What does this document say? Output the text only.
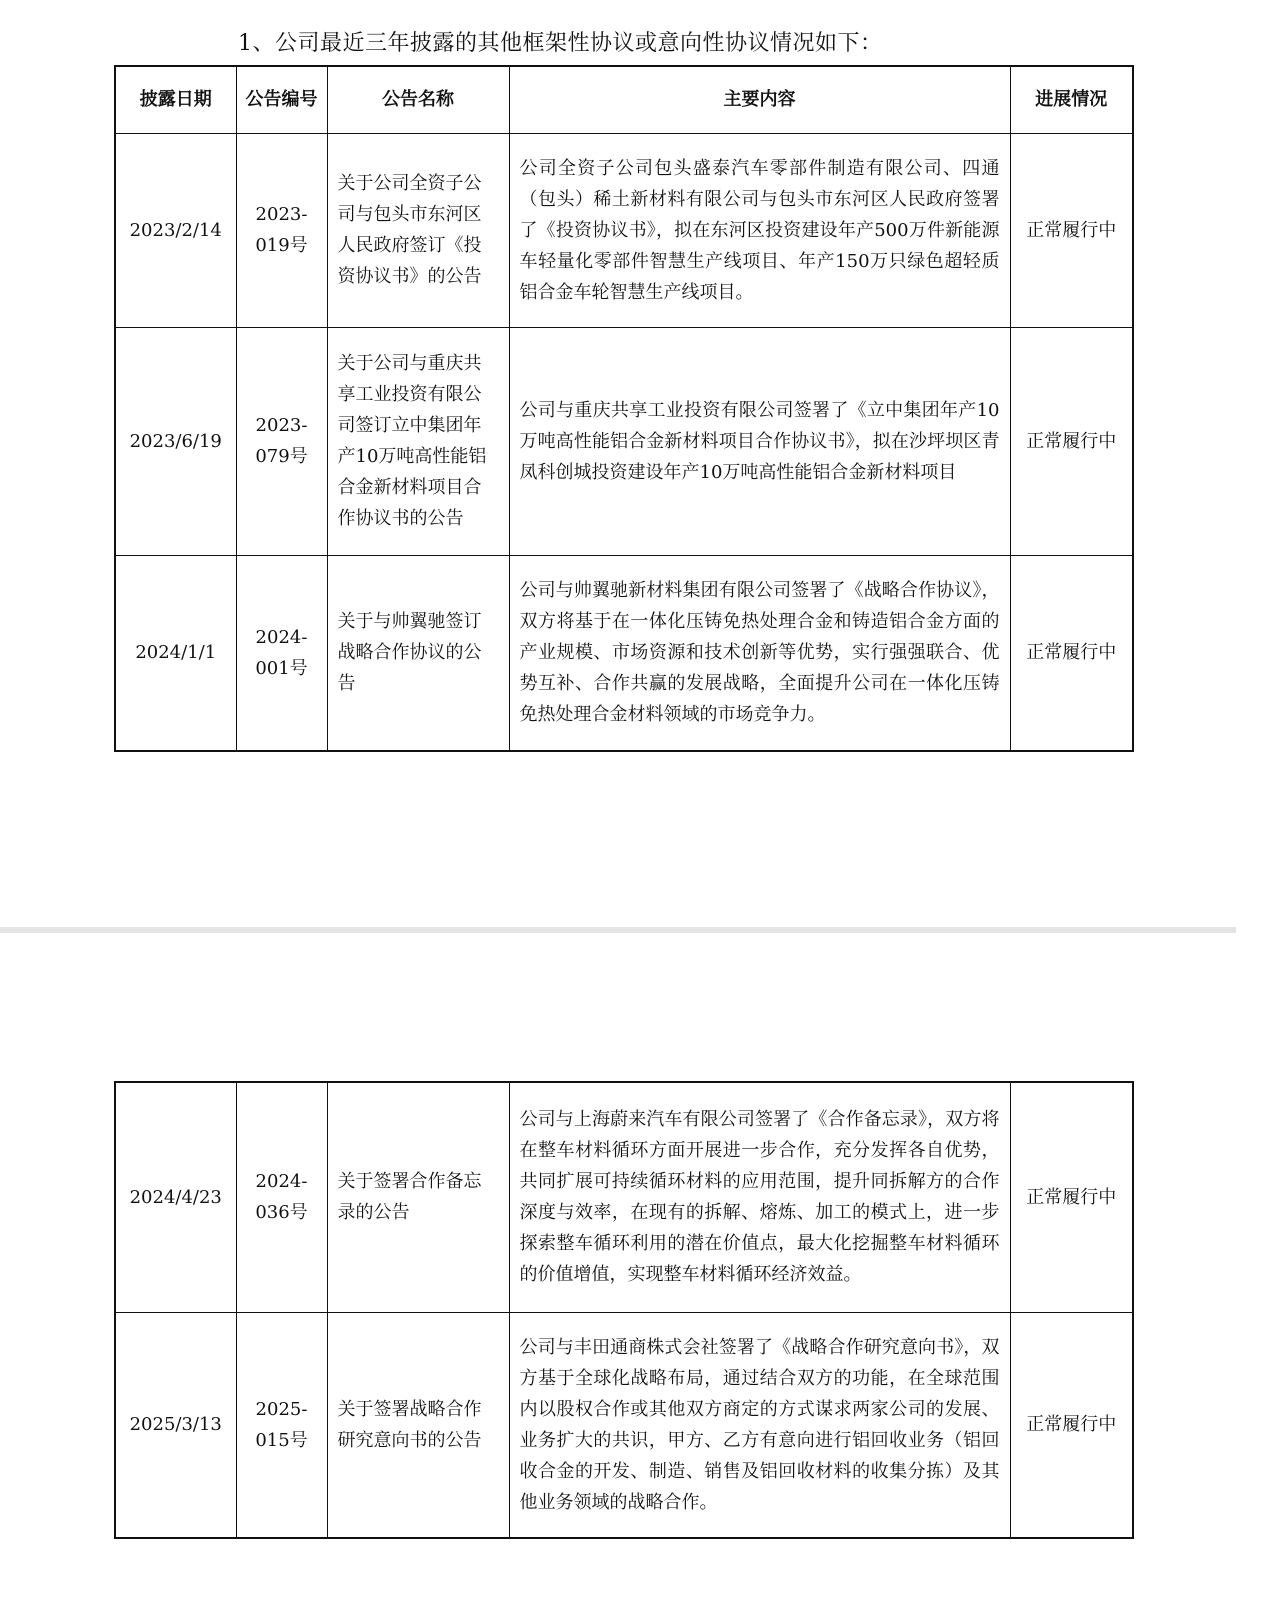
1、公司最近三年披露的其他框架性协议或意向性协议情况如下：
披露日期	公告编号	公告名称	主要内容	进展情况
2023/2/14	2023-019号	关于公司全资子公司与包头市东河区人民政府签订《投资协议书》的公告	公司全资子公司包头盛泰汽车零部件制造有限公司、四通（包头）稀土新材料有限公司与包头市东河区人民政府签署了《投资协议书》，拟在东河区投资建设年产500万件新能源车轻量化零部件智慧生产线项目、年产150万只绿色超轻质铝合金车轮智慧生产线项目。	正常履行中
2023/6/19	2023-079号	关于公司与重庆共享工业投资有限公司签订立中集团年产10万吨高性能铝合金新材料项目合作协议书的公告	公司与重庆共享工业投资有限公司签署了《立中集团年产10万吨高性能铝合金新材料项目合作协议书》，拟在沙坪坝区青凤科创城投资建设年产10万吨高性能铝合金新材料项目	正常履行中
2024/1/1	2024-001号	关于与帅翼驰签订战略合作协议的公告	公司与帅翼驰新材料集团有限公司签署了《战略合作协议》，双方将基于在一体化压铸免热处理合金和铸造铝合金方面的产业规模、市场资源和技术创新等优势，实行强强联合、优势互补、合作共赢的发展战略，全面提升公司在一体化压铸免热处理合金材料领域的市场竞争力。	正常履行中
2024/4/23	2024-036号	关于签署合作备忘录的公告	公司与上海蔚来汽车有限公司签署了《合作备忘录》，双方将在整车材料循环方面开展进一步合作，充分发挥各自优势，共同扩展可持续循环材料的应用范围，提升同拆解方的合作深度与效率，在现有的拆解、熔炼、加工的模式上，进一步探索整车循环利用的潜在价值点，最大化挖掘整车材料循环的价值增值，实现整车材料循环经济效益。	正常履行中
2025/3/13	2025-015号	关于签署战略合作研究意向书的公告	公司与丰田通商株式会社签署了《战略合作研究意向书》，双方基于全球化战略布局，通过结合双方的功能，在全球范围内以股权合作或其他双方商定的方式谋求两家公司的发展、业务扩大的共识，甲方、乙方有意向进行铝回收业务（铝回收合金的开发、制造、销售及铝回收材料的收集分拣）及其他业务领域的战略合作。	正常履行中
